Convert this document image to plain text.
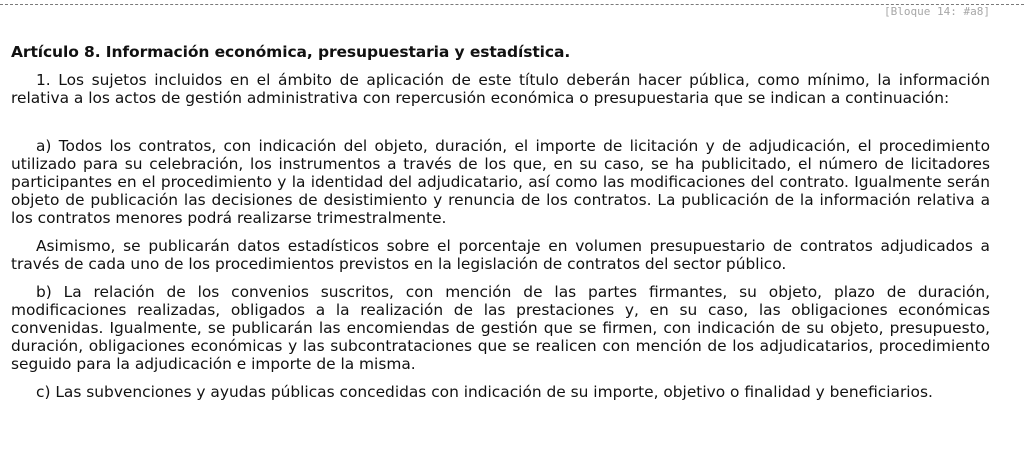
[Bloque 14: #a8]
Artículo 8. Información económica, presupuestaria y estadística.

1. Los sujetos incluidos en el ámbito de aplicación de este título deberán hacer pública, como mínimo, la información relativa a los actos de gestión administrativa con repercusión económica o presupuestaria que se indican a continuación:

a) Todos los contratos, con indicación del objeto, duración, el importe de licitación y de adjudicación, el procedimiento utilizado para su celebración, los instrumentos a través de los que, en su caso, se ha publicitado, el número de licitadores participantes en el procedimiento y la identidad del adjudicatario, así como las modificaciones del contrato. Igualmente serán objeto de publicación las decisiones de desistimiento y renuncia de los contratos. La publicación de la información relativa a los contratos menores podrá realizarse trimestralmente.

Asimismo, se publicarán datos estadísticos sobre el porcentaje en volumen presupuestario de contratos adjudicados a través de cada uno de los procedimientos previstos en la legislación de contratos del sector público.

b) La relación de los convenios suscritos, con mención de las partes firmantes, su objeto, plazo de duración, modificaciones realizadas, obligados a la realización de las prestaciones y, en su caso, las obligaciones económicas convenidas. Igualmente, se publicarán las encomiendas de gestión que se firmen, con indicación de su objeto, presupuesto, duración, obligaciones económicas y las subcontrataciones que se realicen con mención de los adjudicatarios, procedimiento seguido para la adjudicación e importe de la misma.

c) Las subvenciones y ayudas públicas concedidas con indicación de su importe, objetivo o finalidad y beneficiarios.
